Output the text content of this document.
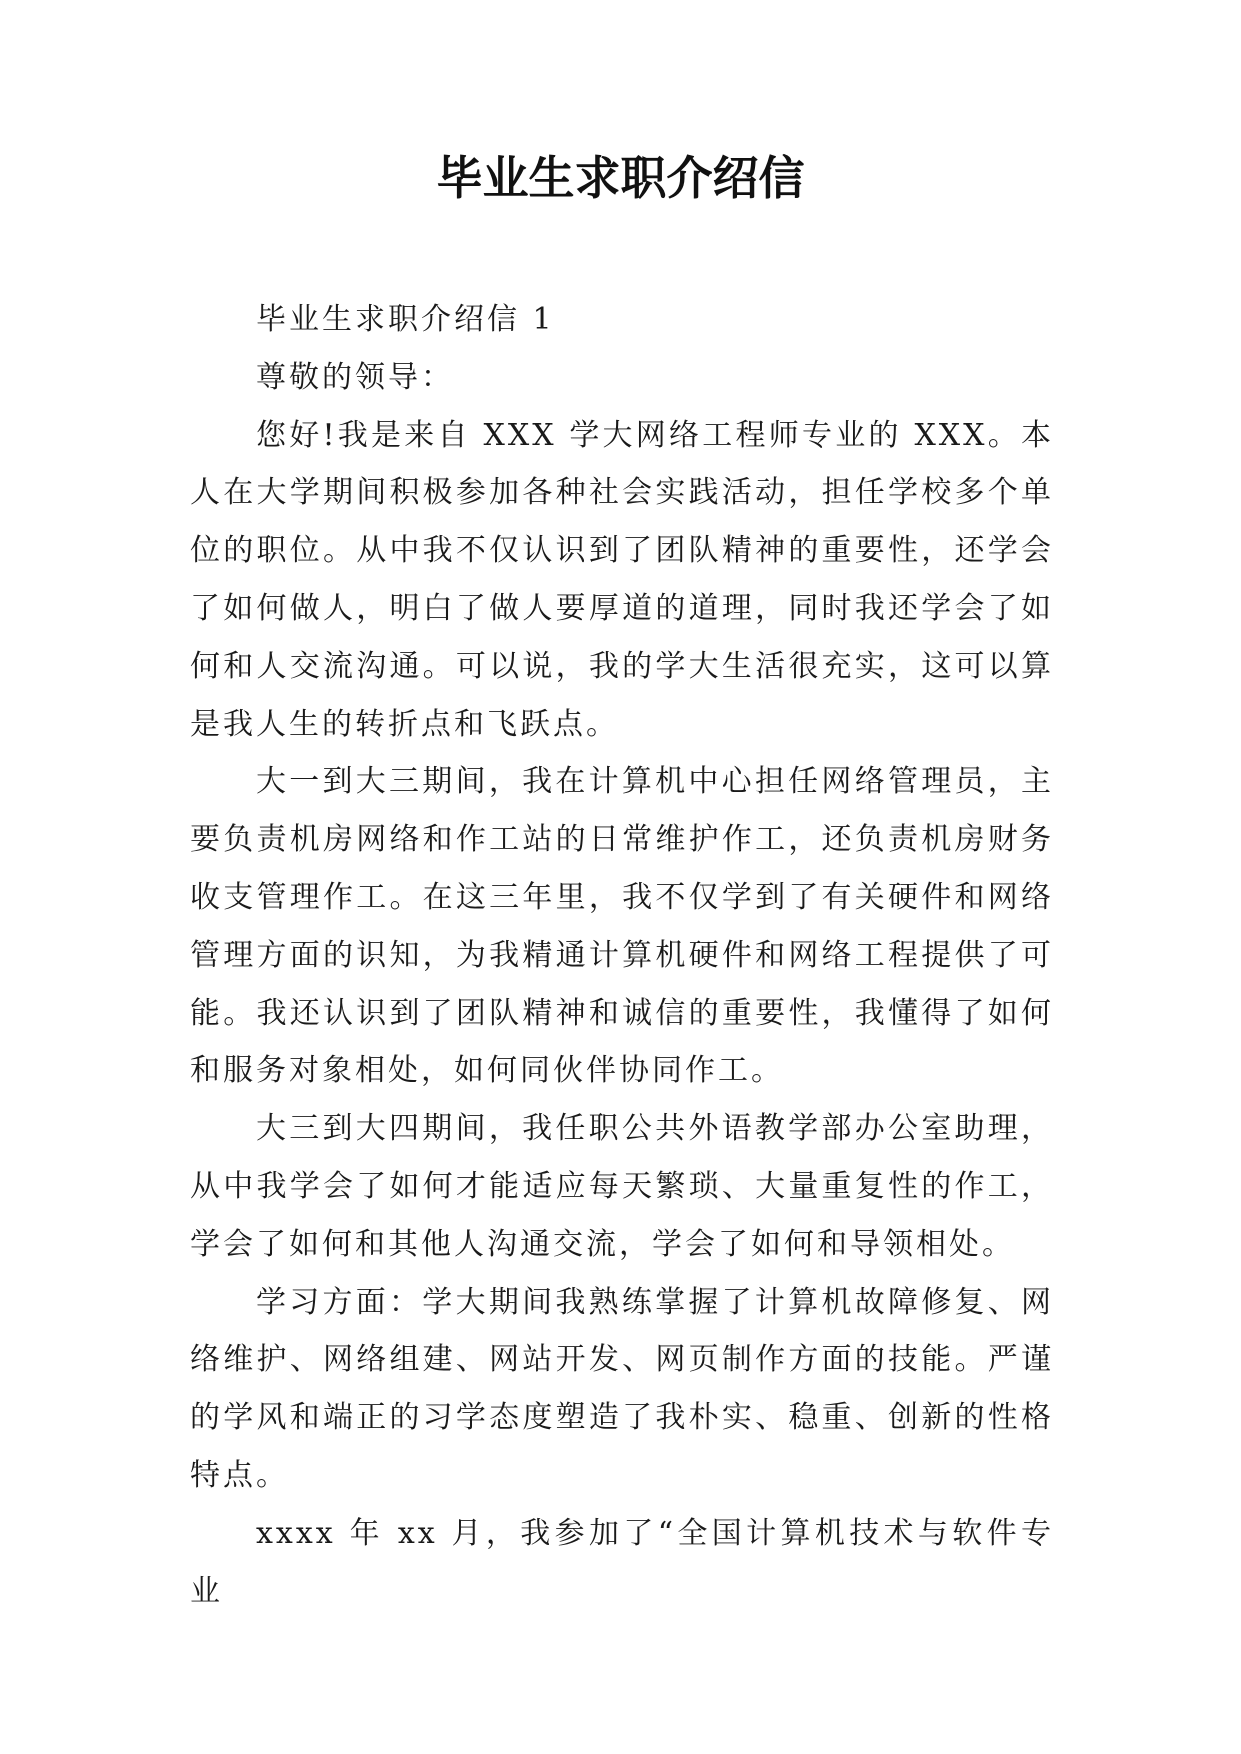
毕业生求职介绍信

毕业生求职介绍信 1

尊敬的领导：

您好!我是来自 XXX 学大网络工程师专业的 XXX。本人在大学期间积极参加各种社会实践活动，担任学校多个单位的职位。从中我不仅认识到了团队精神的重要性，还学会了如何做人，明白了做人要厚道的道理，同时我还学会了如何和人交流沟通。可以说，我的学大生活很充实，这可以算是我人生的转折点和飞跃点。

大一到大三期间，我在计算机中心担任网络管理员，主要负责机房网络和作工站的日常维护作工，还负责机房财务收支管理作工。在这三年里，我不仅学到了有关硬件和网络管理方面的识知，为我精通计算机硬件和网络工程提供了可能。我还认识到了团队精神和诚信的重要性，我懂得了如何和服务对象相处，如何同伙伴协同作工。

大三到大四期间，我任职公共外语教学部办公室助理，从中我学会了如何才能适应每天繁琐、大量重复性的作工，学会了如何和其他人沟通交流，学会了如何和导领相处。

学习方面：学大期间我熟练掌握了计算机故障修复、网络维护、网络组建、网站开发、网页制作方面的技能。严谨的学风和端正的习学态度塑造了我朴实、稳重、创新的性格特点。

xxxx 年 xx 月，我参加了“全国计算机技术与软件专业
